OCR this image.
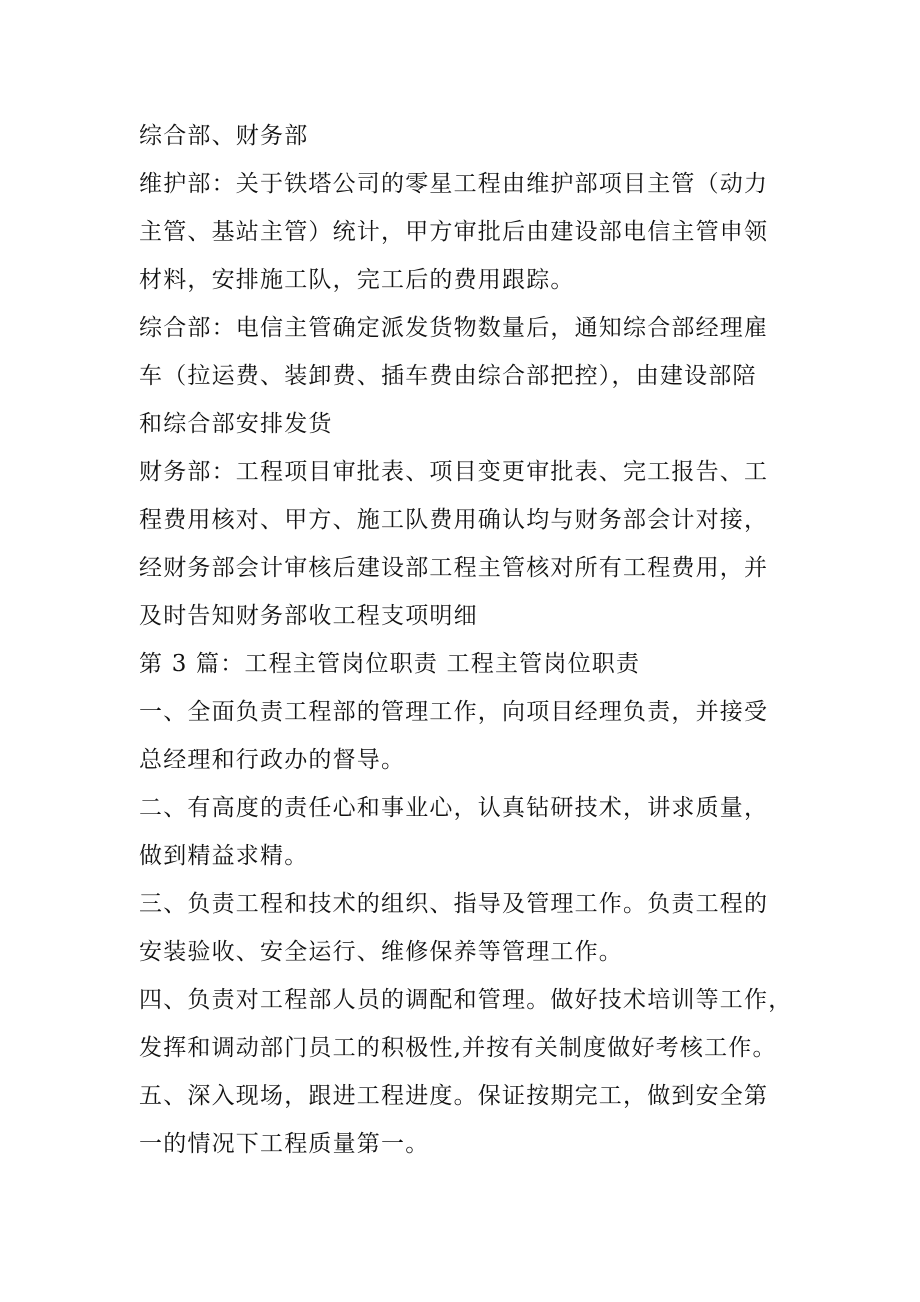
综合部、财务部
维护部：关于铁塔公司的零星工程由维护部项目主管（动力
主管、基站主管）统计，甲方审批后由建设部电信主管申领
材料，安排施工队，完工后的费用跟踪。
综合部：电信主管确定派发货物数量后，通知综合部经理雇
车（拉运费、装卸费、插车费由综合部把控），由建设部陪
和综合部安排发货
财务部：工程项目审批表、项目变更审批表、完工报告、工
程费用核对、甲方、施工队费用确认均与财务部会计对接，
经财务部会计审核后建设部工程主管核对所有工程费用，并
及时告知财务部收工程支项明细
第 3 篇：工程主管岗位职责 工程主管岗位职责
一、全面负责工程部的管理工作，向项目经理负责，并接受
总经理和行政办的督导。
二、有高度的责任心和事业心，认真钻研技术，讲求质量，
做到精益求精。
三、负责工程和技术的组织、指导及管理工作。负责工程的
安装验收、安全运行、维修保养等管理工作。
四、负责对工程部人员的调配和管理。做好技术培训等工作，
发挥和调动部门员工的积极性,并按有关制度做好考核工作。
五、深入现场，跟进工程进度。保证按期完工，做到安全第
一的情况下工程质量第一。
